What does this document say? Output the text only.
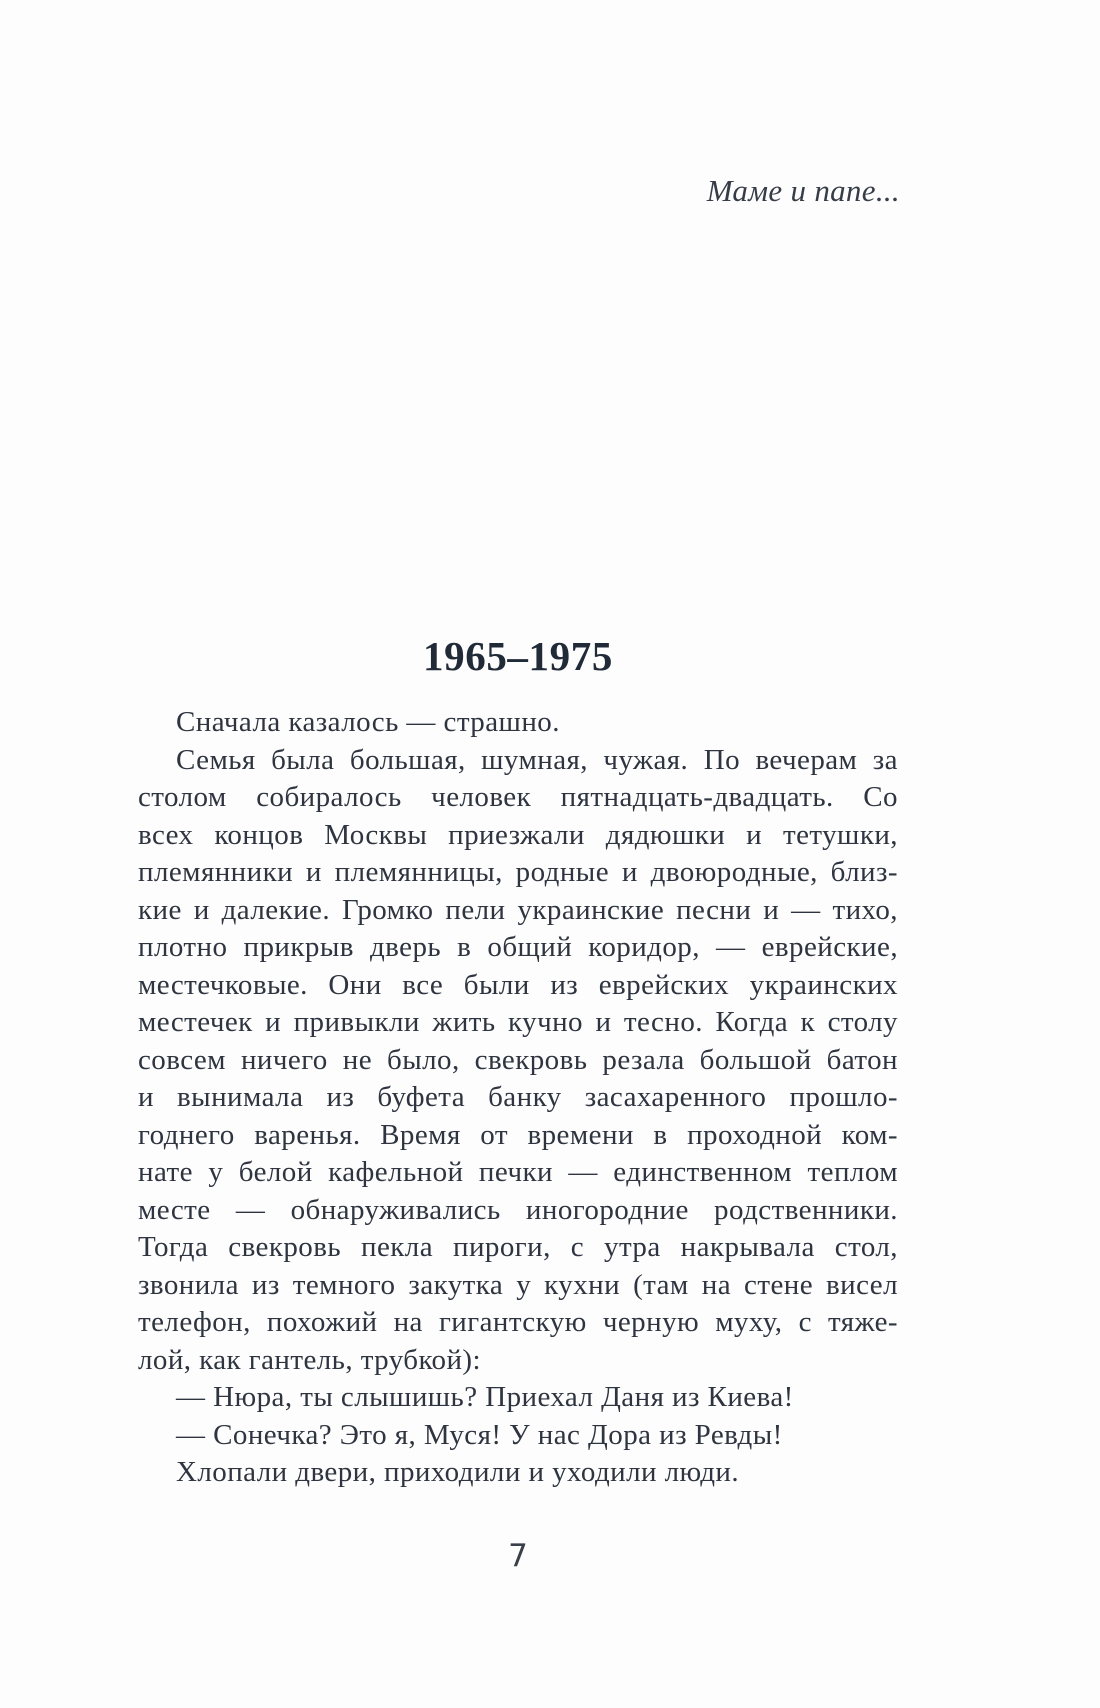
Маме и папе...
1965–1975
Сначала казалось — страшно.
Семья была большая, шумная, чужая. По вечерам за
столом собиралось человек пятнадцать-двадцать. Со
всех концов Москвы приезжали дядюшки и тетушки,
племянники и племянницы, родные и двоюродные, близ-
кие и далекие. Громко пели украинские песни и — тихо,
плотно прикрыв дверь в общий коридор, — еврейские,
местечковые. Они все были из еврейских украинских
местечек и привыкли жить кучно и тесно. Когда к столу
совсем ничего не было, свекровь резала большой батон
и вынимала из буфета банку засахаренного прошло-
годнего варенья. Время от времени в проходной ком-
нате у белой кафельной печки — единственном теплом
месте — обнаруживались иногородние родственники.
Тогда свекровь пекла пироги, с утра накрывала стол,
звонила из темного закутка у кухни (там на стене висел
телефон, похожий на гигантскую черную муху, с тяже-
лой, как гантель, трубкой):
— Нюра, ты слышишь? Приехал Даня из Киева!
— Сонечка? Это я, Муся! У нас Дора из Ревды!
Хлопали двери, приходили и уходили люди.
7
